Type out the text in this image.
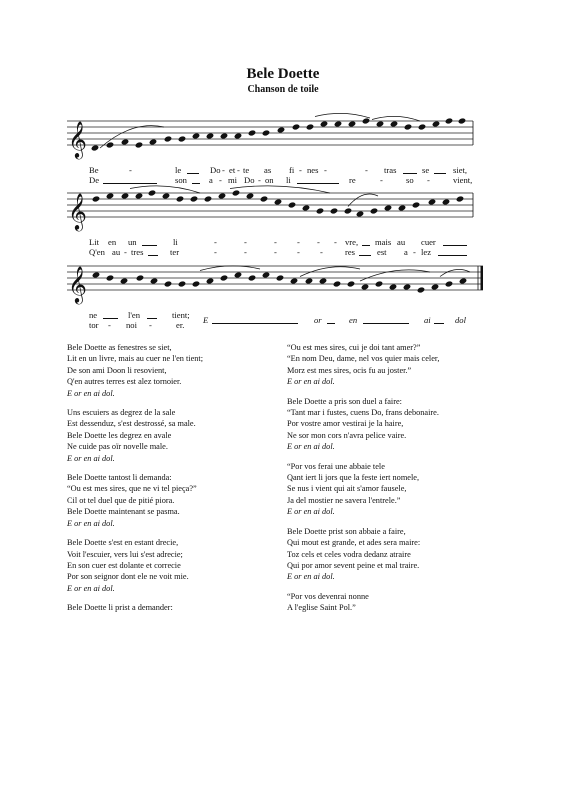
Bele Doette
Chanson de toile
𝄞
𝄞
𝄞
Be	-	le	Do - et - te as fi - nes -	- tras	se	siet,
De	son	a - mi Do - on li	re	-	so -	vient,
Lit en un	li	-	-	- - - - vre, mais au cuer
Q'en au - tres	ter	-	-	- - -	res	est a - lez
ne	l'en	tient;
tor - noi -	er. E	or	en	ai	dol
Bele Doette as fenestres se siet,
Lit en un livre, mais au cuer ne l'en tient;
De son ami Doon li resovient,
Q'en autres terres est alez tornoier.
E or en ai dol.
Uns escuiers as degrez de la sale
Est dessenduz, s'est destrossé, sa male.
Bele Doette les degrez en avale
Ne cuide pas oïr novelle male.
E or en ai dol.
Bele Doette tantost li demanda:
“Ou est mes sires, que ne vi tel pieça?”
Cil ot tel duel que de pitié piora.
Bele Doette maintenant se pasma.
E or en ai dol.
Bele Doette s'est en estant drecie,
Voit l'escuier, vers lui s'est adrecie;
En son cuer est dolante et correcie
Por son seignor dont ele ne voit mie.
E or en ai dol.
Bele Doette li prist a demander:
“Ou est mes sires, cui je doi tant amer?”
“En nom Deu, dame, nel vos quier mais celer,
Morz est mes sires, ocis fu au joster.”
E or en ai dol.
Bele Doette a pris son duel a faire:
“Tant mar i fustes, cuens Do, frans debonaire.
Por vostre amor vestirai je la haire,
Ne sor mon cors n'avra pelice vaire.
E or en ai dol.
“Por vos ferai une abbaie tele
Qant iert li jors que la feste iert nomele,
Se nus i vient qui ait s'amor fausele,
Ja del mostier ne savera l'entrele.”
E or en ai dol.
Bele Doette prist son abbaie a faire,
Qui mout est grande, et ades sera maire:
Toz cels et celes vodra dedanz atraire
Qui por amor sevent peine et mal traire.
E or en ai dol.
“Por vos devenrai nonne
A l'eglise Saint Pol.”
